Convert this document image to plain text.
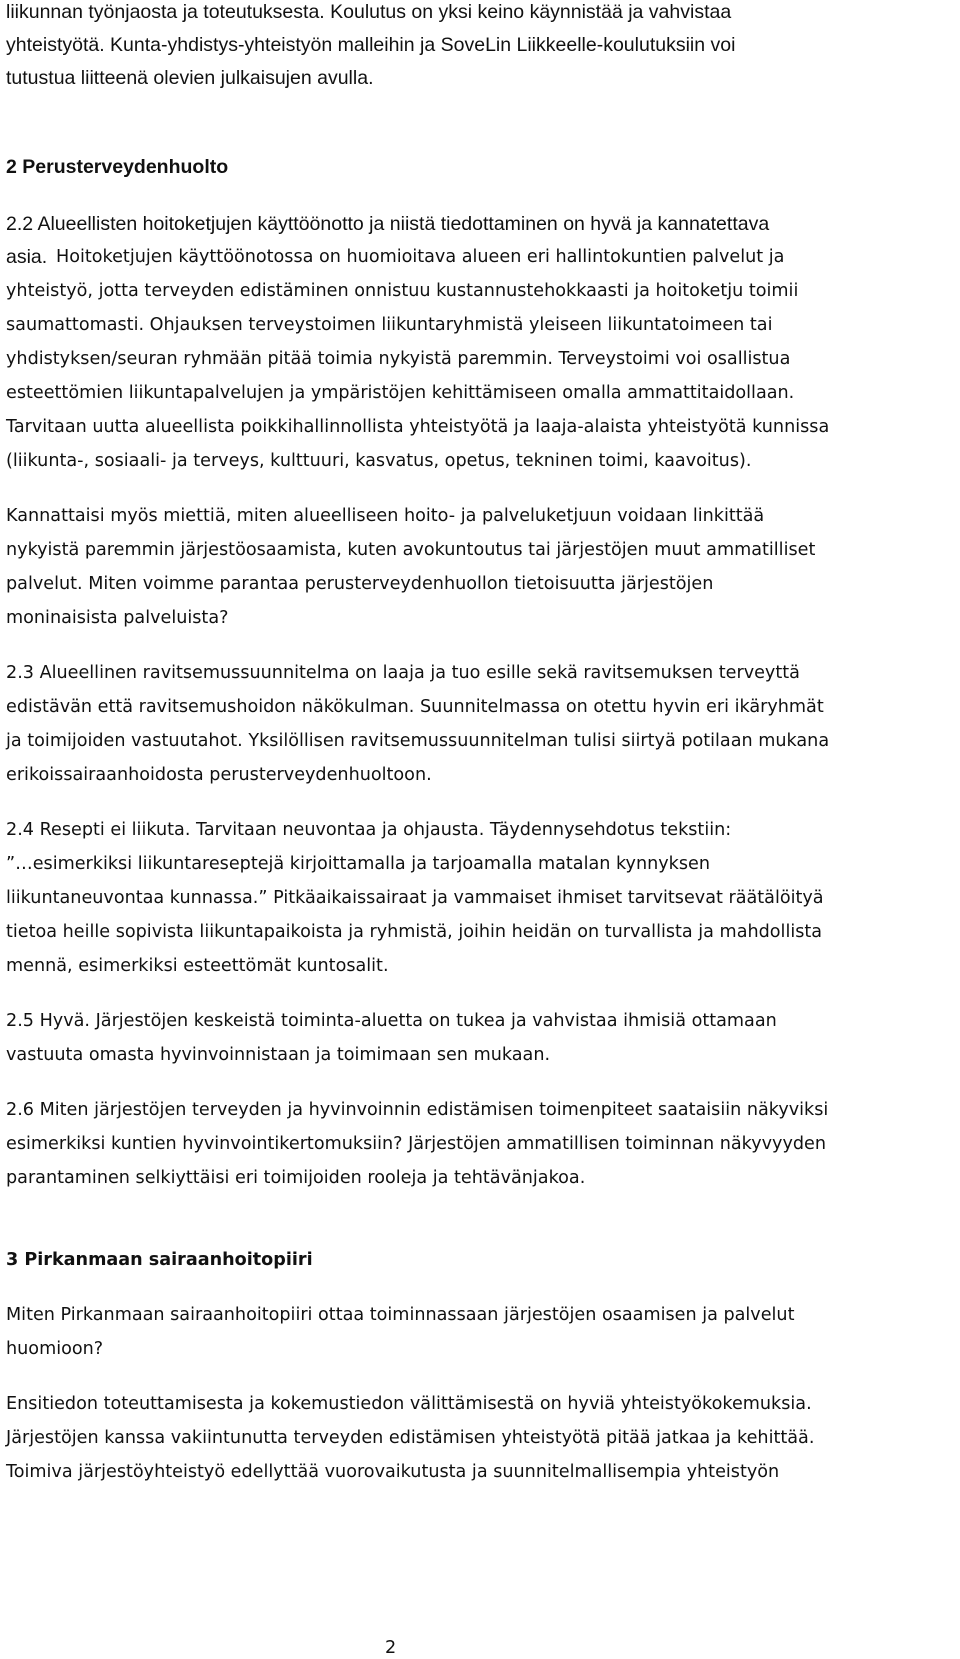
liikunnan työnjaosta ja toteutuksesta. Koulutus on yksi keino käynnistää ja vahvistaa
yhteistyötä. Kunta-yhdistys-yhteistyön malleihin ja SoveLin Liikkeelle-koulutuksiin voi
tutustua liitteenä olevien julkaisujen avulla.
2 Perusterveydenhuolto
2.2 Alueellisten hoitoketjujen käyttöönotto ja niistä tiedottaminen on hyvä ja kannatettava
asia. Hoitoketjujen käyttöönotossa on huomioitava alueen eri hallintokuntien palvelut ja
yhteistyö, jotta terveyden edistäminen onnistuu kustannustehokkaasti ja hoitoketju toimii
saumattomasti. Ohjauksen terveystoimen liikuntaryhmistä yleiseen liikuntatoimeen tai
yhdistyksen/seuran ryhmään pitää toimia nykyistä paremmin. Terveystoimi voi osallistua
esteettömien liikuntapalvelujen ja ympäristöjen kehittämiseen omalla ammattitaidollaan.
Tarvitaan uutta alueellista poikkihallinnollista yhteistyötä ja laaja-alaista yhteistyötä kunnissa
(liikunta-, sosiaali- ja terveys, kulttuuri, kasvatus, opetus, tekninen toimi, kaavoitus).
Kannattaisi myös miettiä, miten alueelliseen hoito- ja palveluketjuun voidaan linkittää
nykyistä paremmin järjestöosaamista, kuten avokuntoutus tai järjestöjen muut ammatilliset
palvelut. Miten voimme parantaa perusterveydenhuollon tietoisuutta järjestöjen
moninaisista palveluista?
2.3 Alueellinen ravitsemussuunnitelma on laaja ja tuo esille sekä ravitsemuksen terveyttä
edistävän että ravitsemushoidon näkökulman. Suunnitelmassa on otettu hyvin eri ikäryhmät
ja toimijoiden vastuutahot. Yksilöllisen ravitsemussuunnitelman tulisi siirtyä potilaan mukana
erikoissairaanhoidosta perusterveydenhuoltoon.
2.4 Resepti ei liikuta. Tarvitaan neuvontaa ja ohjausta. Täydennysehdotus tekstiin:
”…esimerkiksi liikuntareseptejä kirjoittamalla ja tarjoamalla matalan kynnyksen
liikuntaneuvontaa kunnassa.” Pitkäaikaissairaat ja vammaiset ihmiset tarvitsevat räätälöityä
tietoa heille sopivista liikuntapaikoista ja ryhmistä, joihin heidän on turvallista ja mahdollista
mennä, esimerkiksi esteettömät kuntosalit.
2.5 Hyvä. Järjestöjen keskeistä toiminta-aluetta on tukea ja vahvistaa ihmisiä ottamaan
vastuuta omasta hyvinvoinnistaan ja toimimaan sen mukaan.
2.6 Miten järjestöjen terveyden ja hyvinvoinnin edistämisen toimenpiteet saataisiin näkyviksi
esimerkiksi kuntien hyvinvointikertomuksiin? Järjestöjen ammatillisen toiminnan näkyvyyden
parantaminen selkiyttäisi eri toimijoiden rooleja ja tehtävänjakoa.
3 Pirkanmaan sairaanhoitopiiri
Miten Pirkanmaan sairaanhoitopiiri ottaa toiminnassaan järjestöjen osaamisen ja palvelut
huomioon?
Ensitiedon toteuttamisesta ja kokemustiedon välittämisestä on hyviä yhteistyökokemuksia.
Järjestöjen kanssa vakiintunutta terveyden edistämisen yhteistyötä pitää jatkaa ja kehittää.
Toimiva järjestöyhteistyö edellyttää vuorovaikutusta ja suunnitelmallisempia yhteistyön
2
